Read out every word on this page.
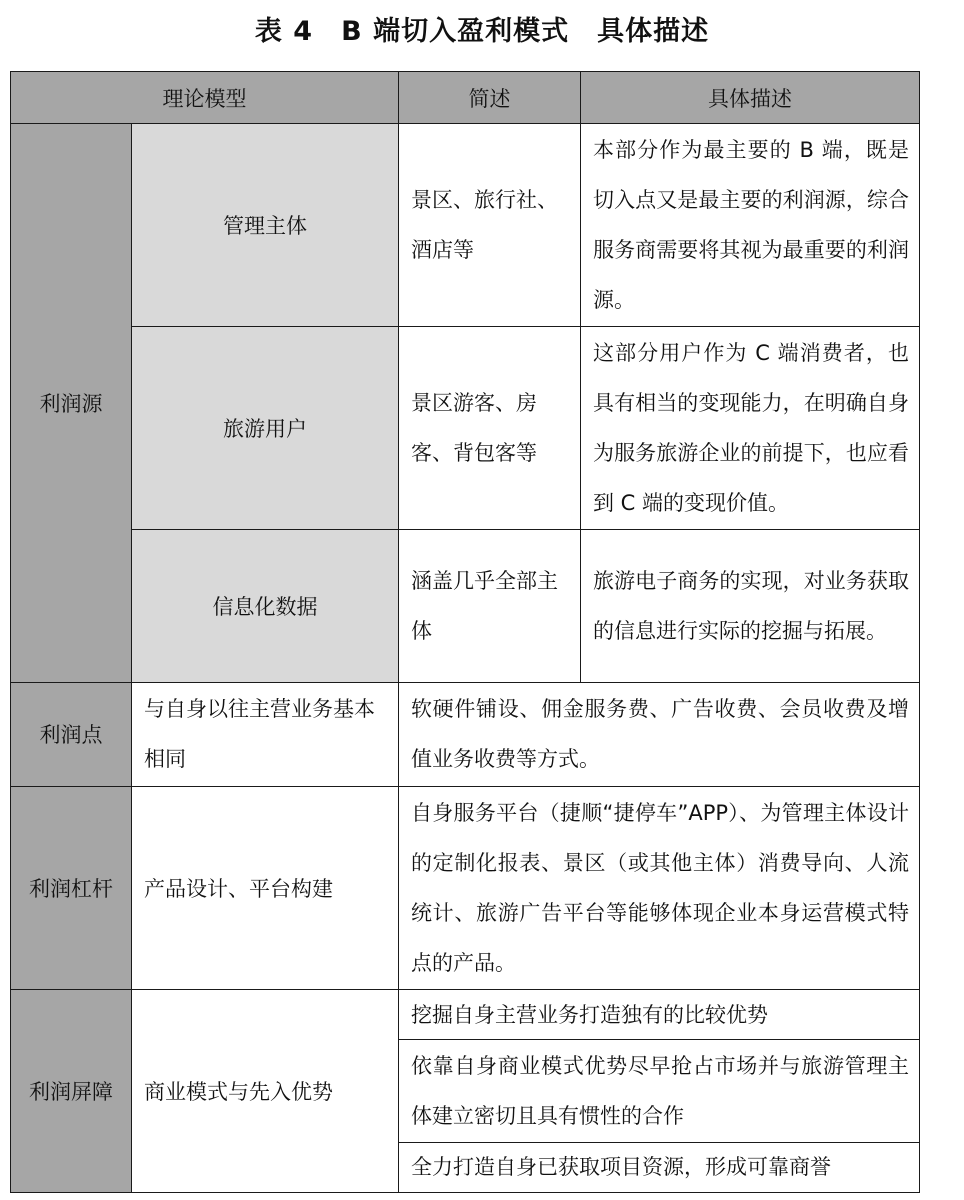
表 4　B 端切入盈利模式　具体描述
理论模型		简述	具体描述
利润源	管理主体	景区、旅行社、酒店等	本部分作为最主要的 B 端，既是切入点又是最主要的利润源，综合服务商需要将其视为最重要的利润源。
	旅游用户	景区游客、房客、背包客等	这部分用户作为 C 端消费者，也具有相当的变现能力，在明确自身为服务旅游企业的前提下，也应看到 C 端的变现价值。
	信息化数据	涵盖几乎全部主体	旅游电子商务的实现，对业务获取的信息进行实际的挖掘与拓展。
利润点	与自身以往主营业务基本相同	软硬件铺设、佣金服务费、广告收费、会员收费及增值业务收费等方式。	
利润杠杆	产品设计、平台构建	自身服务平台（捷顺“捷停车”APP）、为管理主体设计的定制化报表、景区（或其他主体）消费导向、人流统计、旅游广告平台等能够体现企业本身运营模式特点的产品。	
利润屏障	商业模式与先入优势	挖掘自身主营业务打造独有的比较优势	
		依靠自身商业模式优势尽早抢占市场并与旅游管理主体建立密切且具有惯性的合作	
		全力打造自身已获取项目资源，形成可靠商誉	
